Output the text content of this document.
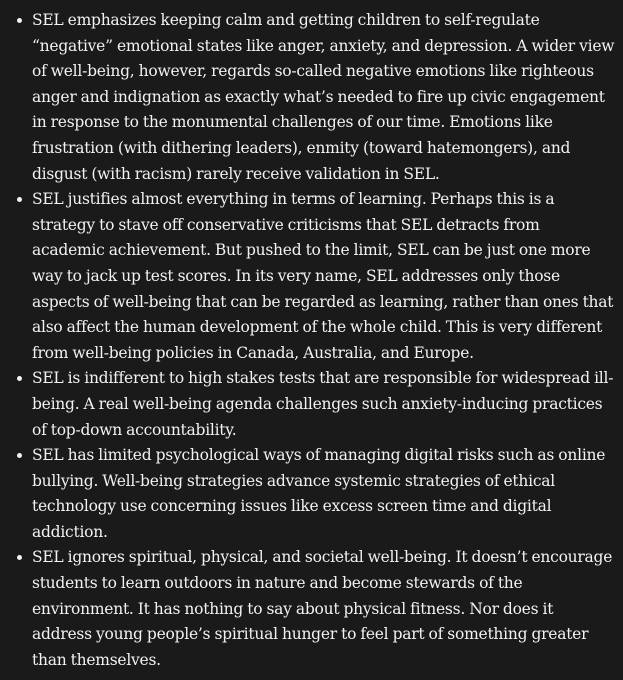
SEL emphasizes keeping calm and getting children to self-regulate “negative” emotional states like anger, anxiety, and depression. A wider view of well-being, however, regards so-called negative emotions like righteous anger and indignation as exactly what’s needed to fire up civic engagement in response to the monumental challenges of our time. Emotions like frustration (with dithering leaders), enmity (toward hatemongers), and disgust (with racism) rarely receive validation in SEL.
SEL justifies almost everything in terms of learning. Perhaps this is a strategy to stave off conservative criticisms that SEL detracts from academic achievement. But pushed to the limit, SEL can be just one more way to jack up test scores. In its very name, SEL addresses only those aspects of well-being that can be regarded as learning, rather than ones that also affect the human development of the whole child. This is very different from well-being policies in Canada, Australia, and Europe.
SEL is indifferent to high stakes tests that are responsible for widespread ill-being. A real well-being agenda challenges such anxiety-inducing practices of top-down accountability.
SEL has limited psychological ways of managing digital risks such as online bullying. Well-being strategies advance systemic strategies of ethical technology use concerning issues like excess screen time and digital addiction.
SEL ignores spiritual, physical, and societal well-being. It doesn’t encourage students to learn outdoors in nature and become stewards of the environment. It has nothing to say about physical fitness. Nor does it address young people’s spiritual hunger to feel part of something greater than themselves.
